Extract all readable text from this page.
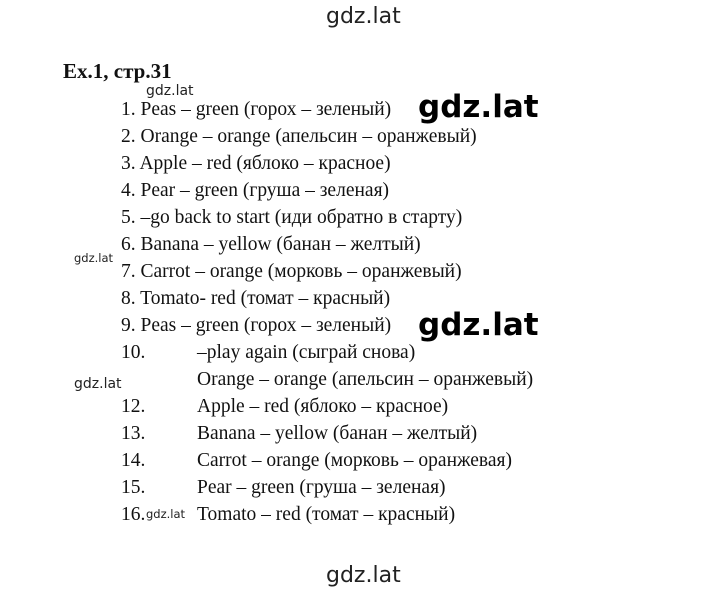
gdz.lat
Ex.1, стр.31
gdz.lat
1. Peas – green (горох – зеленый)
2. Orange – orange (апельсин – оранжевый)
3. Apple – red (яблоко – красное)
4. Pear – green (груша – зеленая)
5. –go back to start (иди обратно в старту)
6. Banana – yellow (банан – желтый)
7. Carrot – orange (морковь – оранжевый)
8. Tomato- red (томат – красный)
9. Peas – green (горох – зеленый)
10.	–play again (сыграй снова)
Orange – orange (апельсин – оранжевый)
12.	Apple – red (яблоко – красное)
13.	Banana – yellow (банан – желтый)
14.	Carrot – orange (морковь – оранжевая)
15.	Pear – green (груша – зеленая)
16.	Tomato – red (томат – красный)
gdz.lat
gdz.lat
gdz.lat
gdz.lat
gdz.lat
gdz.lat
